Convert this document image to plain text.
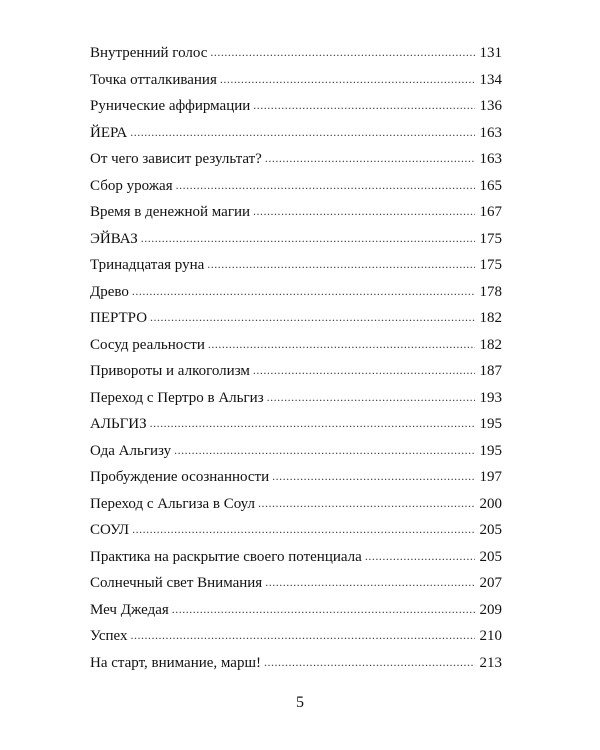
Внутренний голос .....	131
Точка отталкивания .....	134
Рунические аффирмации .....	136
ЙЕРА .....	163
От чего зависит результат? .....	163
Сбор урожая .....	165
Время в денежной магии .....	167
ЭЙВАЗ .....	175
Тринадцатая руна .....	175
Древо .....	178
ПЕРТРО .....	182
Сосуд реальности .....	182
Привороты и алкоголизм .....	187
Переход с Пертро в Альгиз .....	193
АЛЬГИЗ .....	195
Ода Альгизу .....	195
Пробуждение осознанности .....	197
Переход с Альгиза в Соул .....	200
СОУЛ .....	205
Практика на раскрытие своего потенциала .....	205
Солнечный свет Внимания .....	207
Меч Джедая .....	209
Успех .....	210
На старт, внимание, марш! .....	213
5
